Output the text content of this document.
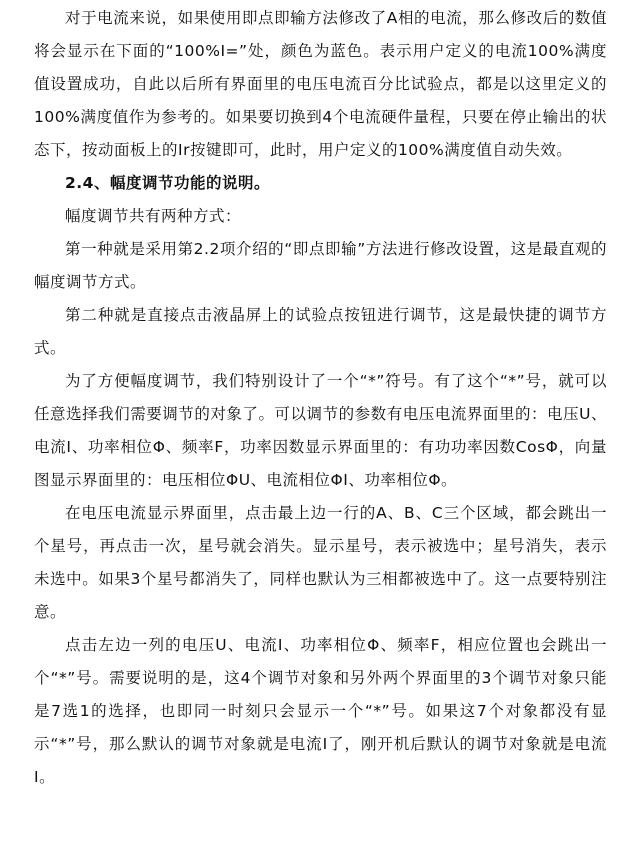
对于电流来说，如果使用即点即输方法修改了A相的电流，那么修改后的数值将会显示在下面的“100%I=”处，颜色为蓝色。表示用户定义的电流100%满度值设置成功，自此以后所有界面里的电压电流百分比试验点，都是以这里定义的100%满度值作为参考的。如果要切换到4个电流硬件量程，只要在停止输出的状态下，按动面板上的Ir按键即可，此时，用户定义的100%满度值自动失效。

2.4、幅度调节功能的说明。

幅度调节共有两种方式：

第一种就是采用第2.2项介绍的“即点即输”方法进行修改设置，这是最直观的幅度调节方式。

第二种就是直接点击液晶屏上的试验点按钮进行调节，这是最快捷的调节方式。

为了方便幅度调节，我们特别设计了一个“*”符号。有了这个“*”号，就可以任意选择我们需要调节的对象了。可以调节的参数有电压电流界面里的：电压U、电流I、功率相位Φ、频率F，功率因数显示界面里的：有功功率因数CosΦ，向量图显示界面里的：电压相位ΦU、电流相位ΦI、功率相位Φ。

在电压电流显示界面里，点击最上边一行的A、B、C三个区域，都会跳出一个星号，再点击一次，星号就会消失。显示星号，表示被选中；星号消失，表示未选中。如果3个星号都消失了，同样也默认为三相都被选中了。这一点要特别注意。

点击左边一列的电压U、电流I、功率相位Φ、频率F，相应位置也会跳出一个“*”号。需要说明的是，这4个调节对象和另外两个界面里的3个调节对象只能是7选1的选择，也即同一时刻只会显示一个“*”号。如果这7个对象都没有显示“*”号，那么默认的调节对象就是电流I了，刚开机后默认的调节对象就是电流I。
